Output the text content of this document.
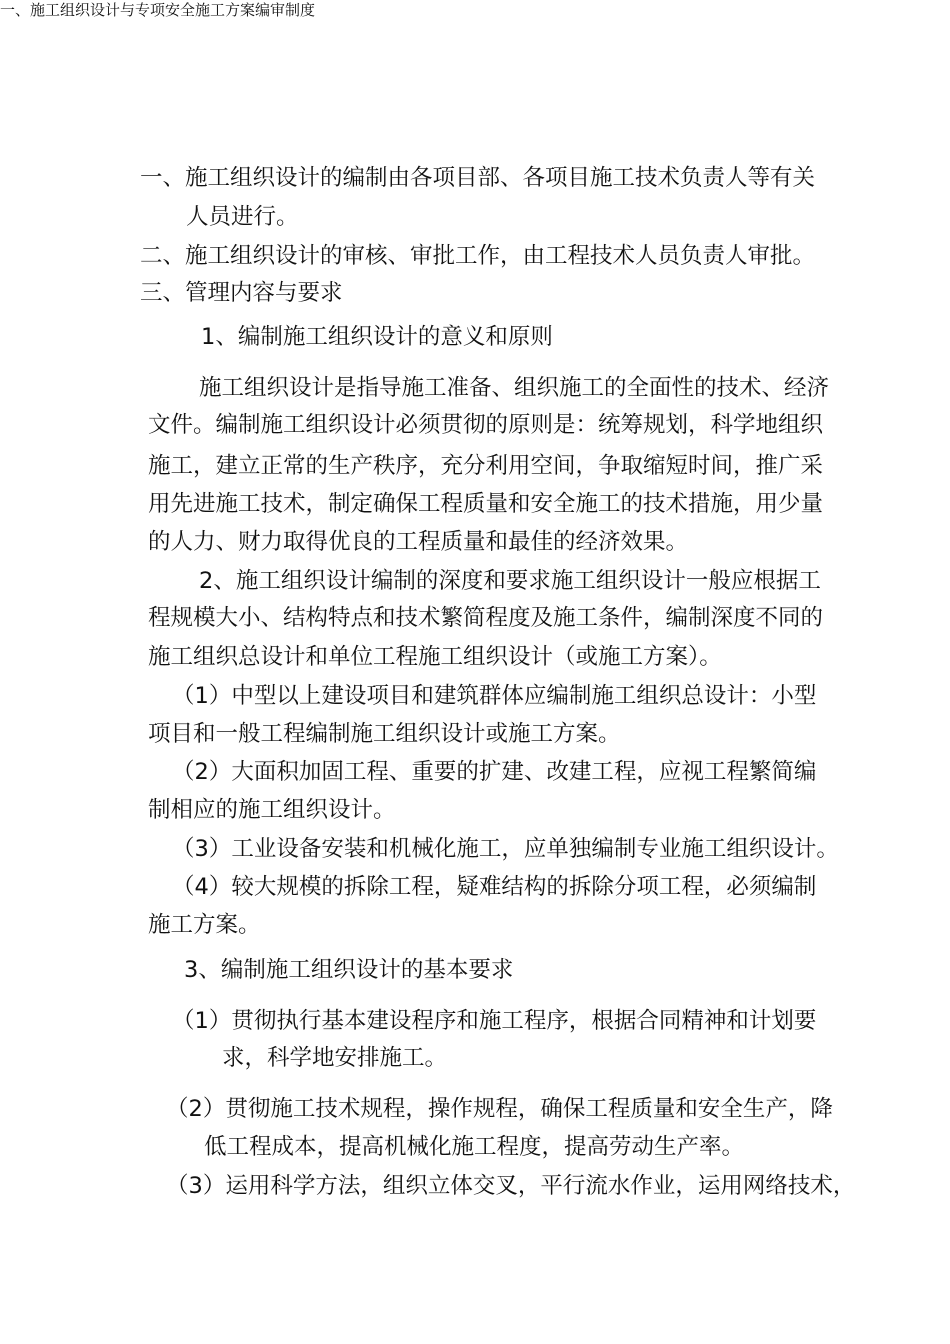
一、施工组织设计与专项安全施工方案编审制度
一、施工组织设计的编制由各项目部、各项目施工技术负责人等有关
人员进行。
二、施工组织设计的审核、审批工作，由工程技术人员负责人审批。
三、管理内容与要求
1、编制施工组织设计的意义和原则
施工组织设计是指导施工准备、组织施工的全面性的技术、经济
文件。编制施工组织设计必须贯彻的原则是：统筹规划，科学地组织
施工，建立正常的生产秩序，充分利用空间，争取缩短时间，推广采
用先进施工技术，制定确保工程质量和安全施工的技术措施，用少量
的人力、财力取得优良的工程质量和最佳的经济效果。
2、施工组织设计编制的深度和要求施工组织设计一般应根据工
程规模大小、结构特点和技术繁简程度及施工条件，编制深度不同的
施工组织总设计和单位工程施工组织设计（或施工方案）。
（1）中型以上建设项目和建筑群体应编制施工组织总设计：小型
项目和一般工程编制施工组织设计或施工方案。
（2）大面积加固工程、重要的扩建、改建工程，应视工程繁简编
制相应的施工组织设计。
（3）工业设备安装和机械化施工，应单独编制专业施工组织设计。
（4）较大规模的拆除工程，疑难结构的拆除分项工程，必须编制
施工方案。
3、编制施工组织设计的基本要求
（1）贯彻执行基本建设程序和施工程序，根据合同精神和计划要
求，科学地安排施工。
（2）贯彻施工技术规程，操作规程，确保工程质量和安全生产，降
低工程成本，提高机械化施工程度，提高劳动生产率。
（3）运用科学方法，组织立体交叉，平行流水作业，运用网络技术，
